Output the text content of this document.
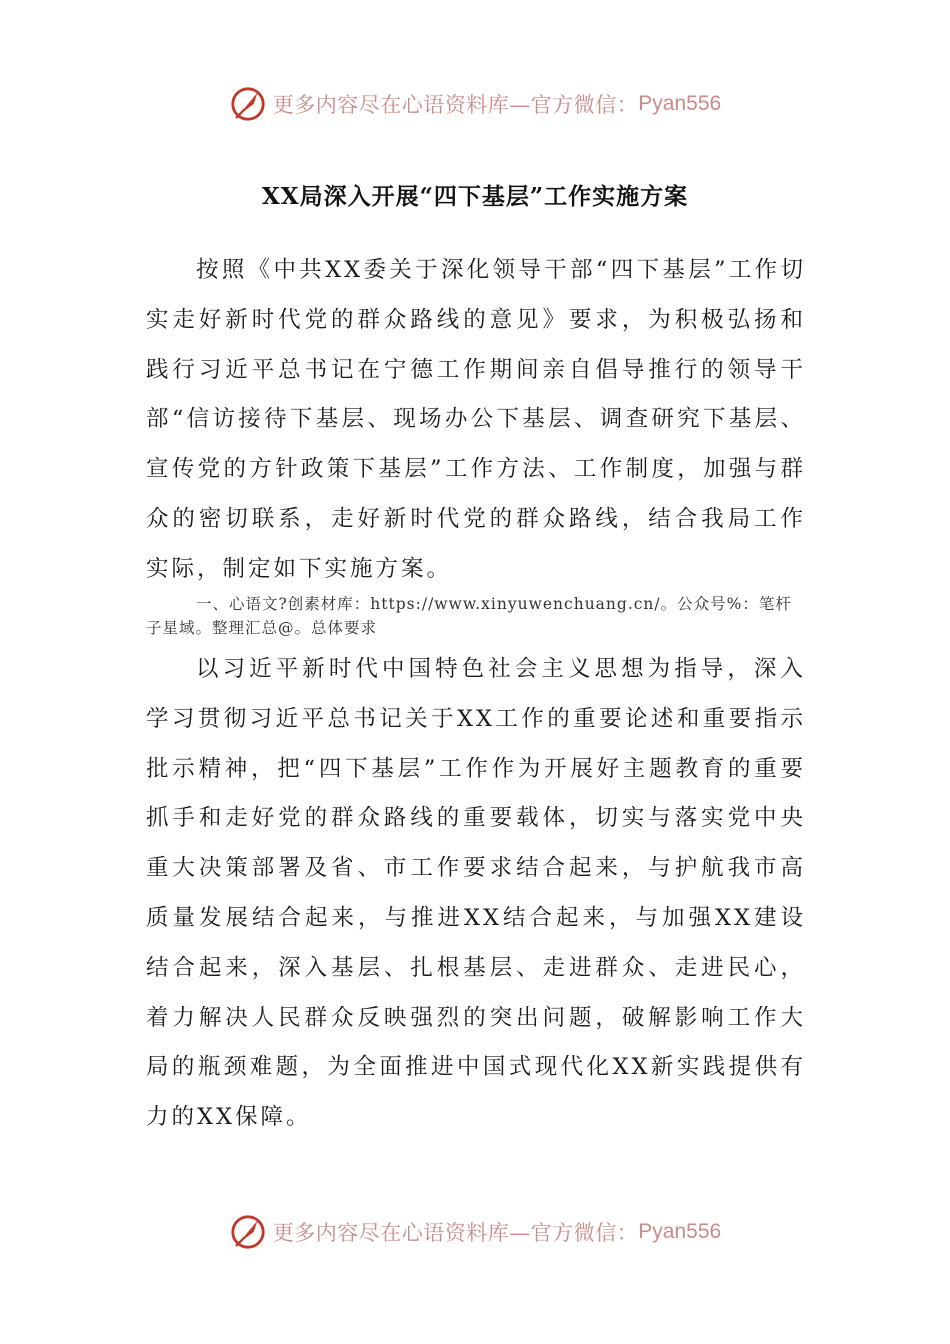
更多内容尽在心语资料库—官方微信： Pyan556
XX局深入开展“四下基层”工作实施方案

按照《中共XX委关于深化领导干部“四下基层”工作切实走好新时代党的群众路线的意见》要求，为积极弘扬和践行习近平总书记在宁德工作期间亲自倡导推行的领导干部“信访接待下基层、现场办公下基层、调查研究下基层、宣传党的方针政策下基层”工作方法、工作制度，加强与群众的密切联系，走好新时代党的群众路线，结合我局工作实际，制定如下实施方案。

一、心语文?创素材库：https://www.xinyuwenchuang.cn/。公众号%：笔杆子星域。整理汇总@。总体要求

以习近平新时代中国特色社会主义思想为指导，深入学习贯彻习近平总书记关于XX工作的重要论述和重要指示批示精神，把“四下基层”工作作为开展好主题教育的重要抓手和走好党的群众路线的重要载体，切实与落实党中央重大决策部署及省、市工作要求结合起来，与护航我市高质量发展结合起来，与推进XX结合起来，与加强XX建设结合起来，深入基层、扎根基层、走进群众、走进民心，着力解决人民群众反映强烈的突出问题，破解影响工作大局的瓶颈难题，为全面推进中国式现代化XX新实践提供有力的XX保障。

更多内容尽在心语资料库—官方微信： Pyan556
